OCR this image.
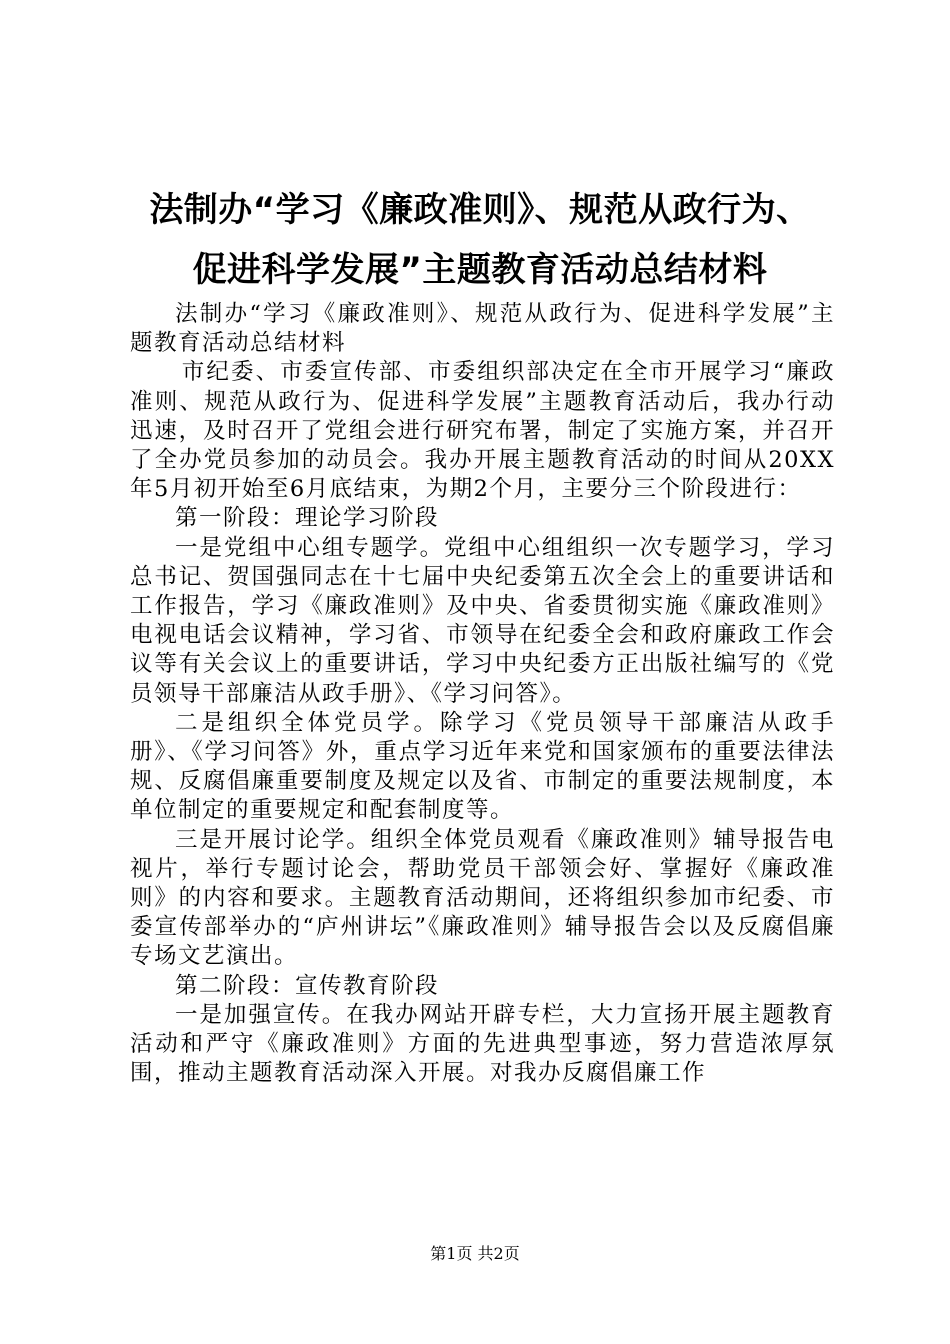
法制办“学习《廉政准则》、规范从政行为、
促进科学发展”主题教育活动总结材料

法制办“学习《廉政准则》、规范从政行为、促进科学发展”主题教育活动总结材料

市纪委、市委宣传部、市委组织部决定在全市开展学习“廉政准则、规范从政行为、促进科学发展”主题教育活动后，我办行动迅速，及时召开了党组会进行研究布署，制定了实施方案，并召开了全办党员参加的动员会。我办开展主题教育活动的时间从20XX年5月初开始至6月底结束，为期2个月，主要分三个阶段进行：

第一阶段：理论学习阶段

一是党组中心组专题学。党组中心组组织一次专题学习，学习总书记、贺国强同志在十七届中央纪委第五次全会上的重要讲话和工作报告，学习《廉政准则》及中央、省委贯彻实施《廉政准则》电视电话会议精神，学习省、市领导在纪委全会和政府廉政工作会议等有关会议上的重要讲话，学习中央纪委方正出版社编写的《党员领导干部廉洁从政手册》、《学习问答》。

二是组织全体党员学。除学习《党员领导干部廉洁从政手册》、《学习问答》外，重点学习近年来党和国家颁布的重要法律法规、反腐倡廉重要制度及规定以及省、市制定的重要法规制度，本单位制定的重要规定和配套制度等。

三是开展讨论学。组织全体党员观看《廉政准则》辅导报告电视片，举行专题讨论会，帮助党员干部领会好、掌握好《廉政准则》的内容和要求。主题教育活动期间，还将组织参加市纪委、市委宣传部举办的“庐州讲坛”《廉政准则》辅导报告会以及反腐倡廉专场文艺演出。

第二阶段：宣传教育阶段

一是加强宣传。在我办网站开辟专栏，大力宣扬开展主题教育活动和严守《廉政准则》方面的先进典型事迹，努力营造浓厚氛围，推动主题教育活动深入开展。对我办反腐倡廉工作

第1页 共2页
